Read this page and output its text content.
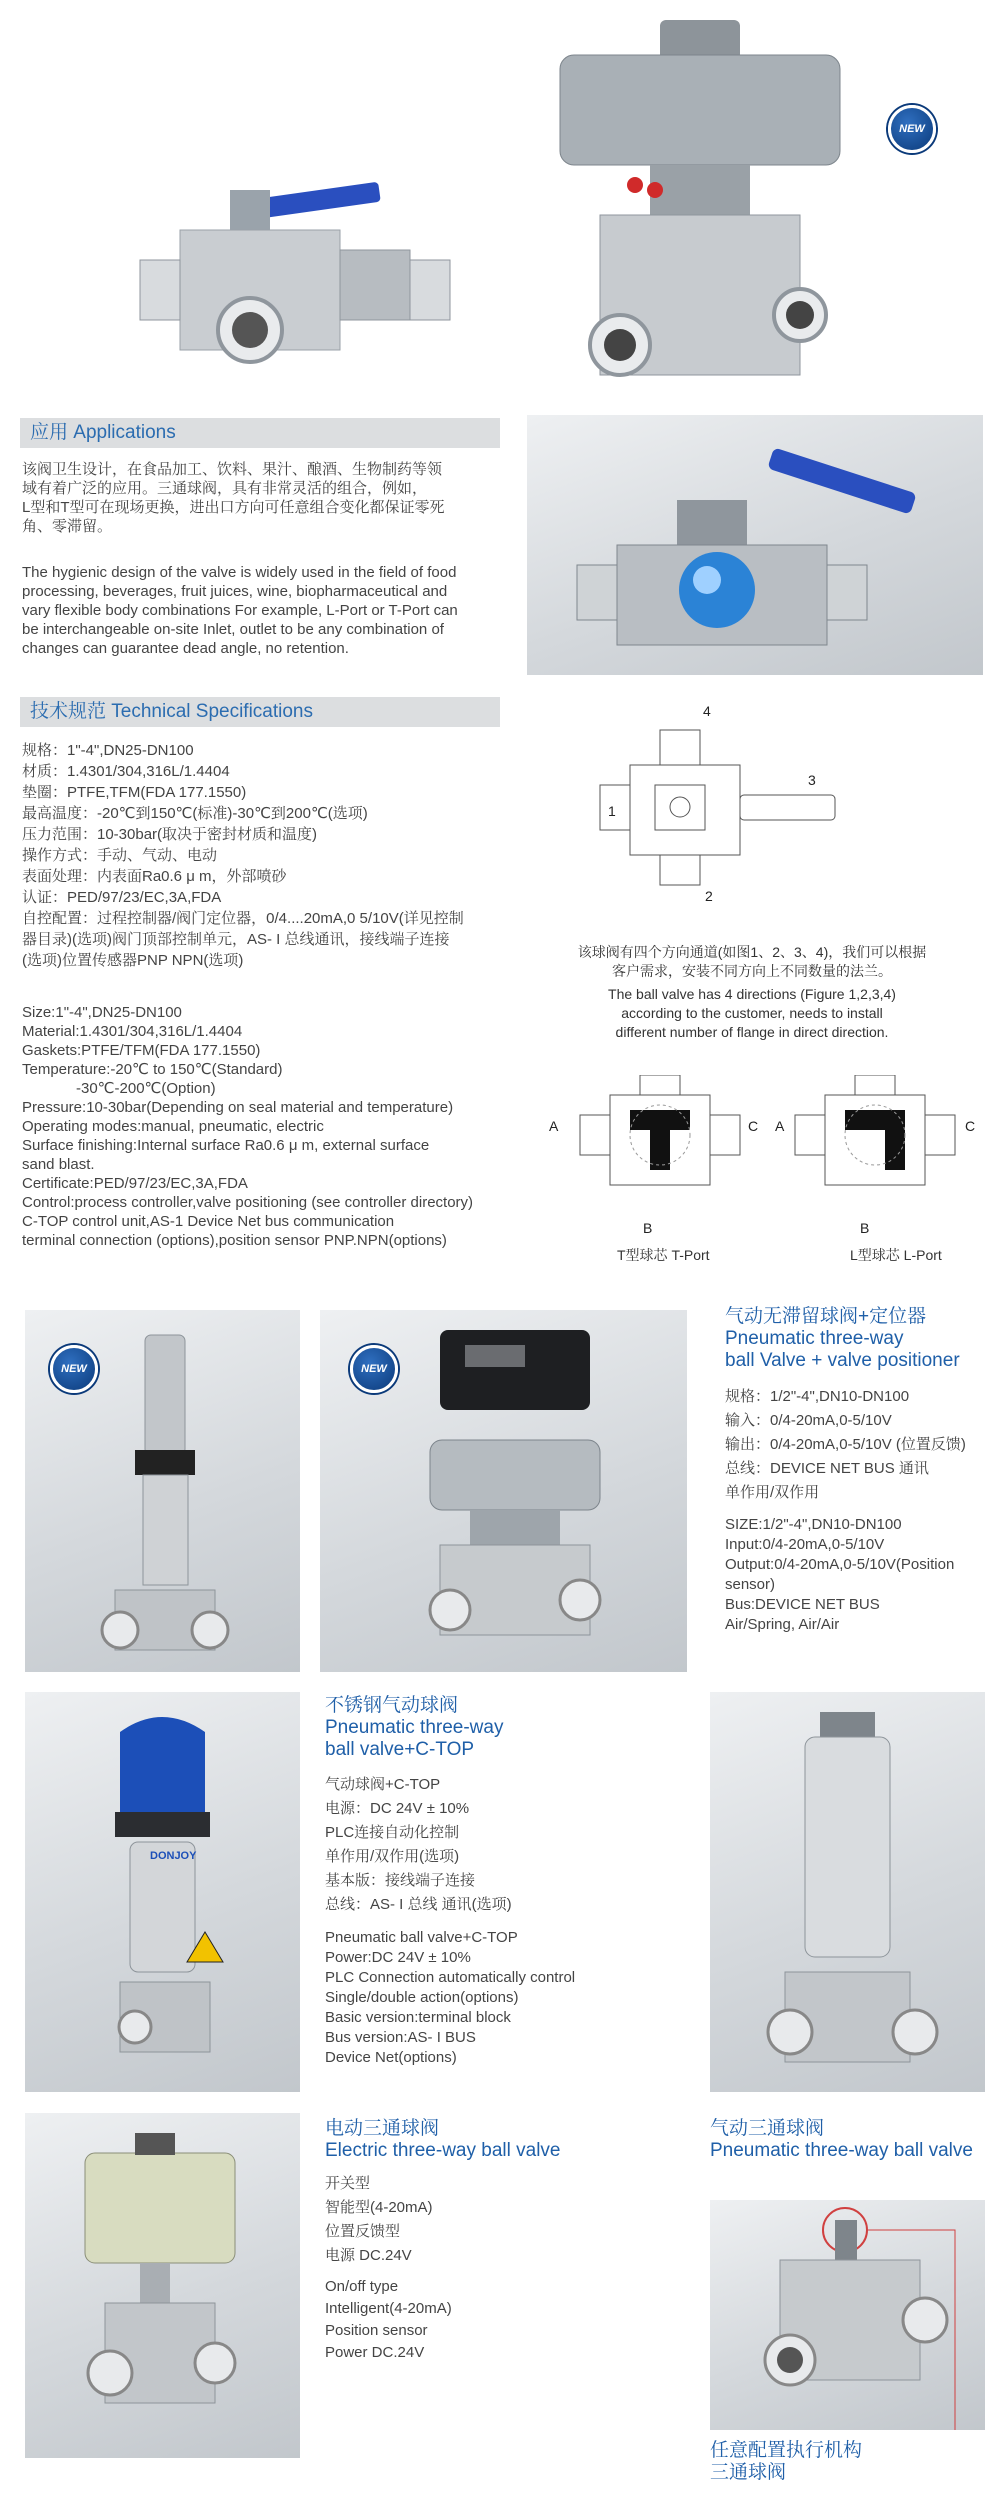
NEW
应用 Applications

该阀卫生设计，在食品加工、饮料、果汁、酿酒、生物制药等领

域有着广泛的应用。三通球阀，具有非常灵活的组合，例如，

L型和T型可在现场更换，进出口方向可任意组合变化都保证零死

角、零滞留。

The hygienic design of the valve is widely used in the field of food

processing, beverages, fruit juices, wine, biopharmaceutical and

vary flexible body combinations For example, L-Port or T-Port can

be interchangeable on-site Inlet, outlet to be any combination of

changes can guarantee dead angle, no retention.

技术规范 Technical Specifications

规格：1"-4",DN25-DN100

材质：1.4301/304,316L/1.4404

垫圈：PTFE,TFM(FDA 177.1550)

最高温度：-20℃到150℃(标准)-30℃到200℃(选项)

压力范围：10-30bar(取决于密封材质和温度)

操作方式：手动、气动、电动

表面处理：内表面Ra0.6 μ m，外部喷砂

认证：PED/97/23/EC,3A,FDA

自控配置：过程控制器/阀门定位器，0/4....20mA,0 5/10V(详见控制

器目录)(选项)阀门顶部控制单元，AS- I 总线通讯，接线端子连接

(选项)位置传感器PNP NPN(选项)

Size:1"-4",DN25-DN100

Material:1.4301/304,316L/1.4404

Gaskets:PTFE/TFM(FDA 177.1550)

Temperature:-20℃ to 150℃(Standard)

-30℃-200℃(Option)

Pressure:10-30bar(Depending on seal material and temperature)

Operating modes:manual, pneumatic, electric

Surface finishing:Internal surface Ra0.6 μ m, external surface

sand blast.

Certificate:PED/97/23/EC,3A,FDA

Control:process controller,valve positioning (see controller directory)

C-TOP control unit,AS-1 Device Net bus communication

terminal connection (options),position sensor PNP.NPN(options)

4
3
1
2
该球阀有四个方向通道(如图1、2、3、4)，我们可以根据
客户需求，安装不同方向上不同数量的法兰。
The ball valve has 4 directions (Figure 1,2,3,4)
according to the customer, needs to install
different number of flange in direct direction.
A	C
B
T型球芯 T-Port
A	C
B
L型球芯 L-Port
NEW	NEW

气动无滞留球阀+定位器

Pneumatic three-way

ball Valve + valve positioner

规格：1/2"-4",DN10-DN100

输入：0/4-20mA,0-5/10V

输出：0/4-20mA,0-5/10V (位置反馈)

总线：DEVICE NET BUS 通讯

单作用/双作用

SIZE:1/2"-4",DN10-DN100

Input:0/4-20mA,0-5/10V

Output:0/4-20mA,0-5/10V(Position

sensor)

Bus:DEVICE NET BUS

Air/Spring, Air/Air

DONJOY

不锈钢气动球阀

Pneumatic three-way

ball valve+C-TOP

气动球阀+C-TOP

电源：DC 24V ± 10%

PLC连接自动化控制

单作用/双作用(选项)

基本版：接线端子连接

总线：AS- I 总线 通讯(选项)

Pneumatic ball valve+C-TOP

Power:DC 24V ± 10%

PLC Connection automatically control

Single/double action(options)

Basic version:terminal block

Bus version:AS- I BUS

Device Net(options)

电动三通球阀

Electric three-way ball valve

开关型

智能型(4-20mA)

位置反馈型

电源 DC.24V

On/off type

Intelligent(4-20mA)

Position sensor

Power DC.24V

气动三通球阀

Pneumatic three-way ball valve

任意配置执行机构

三通球阀
